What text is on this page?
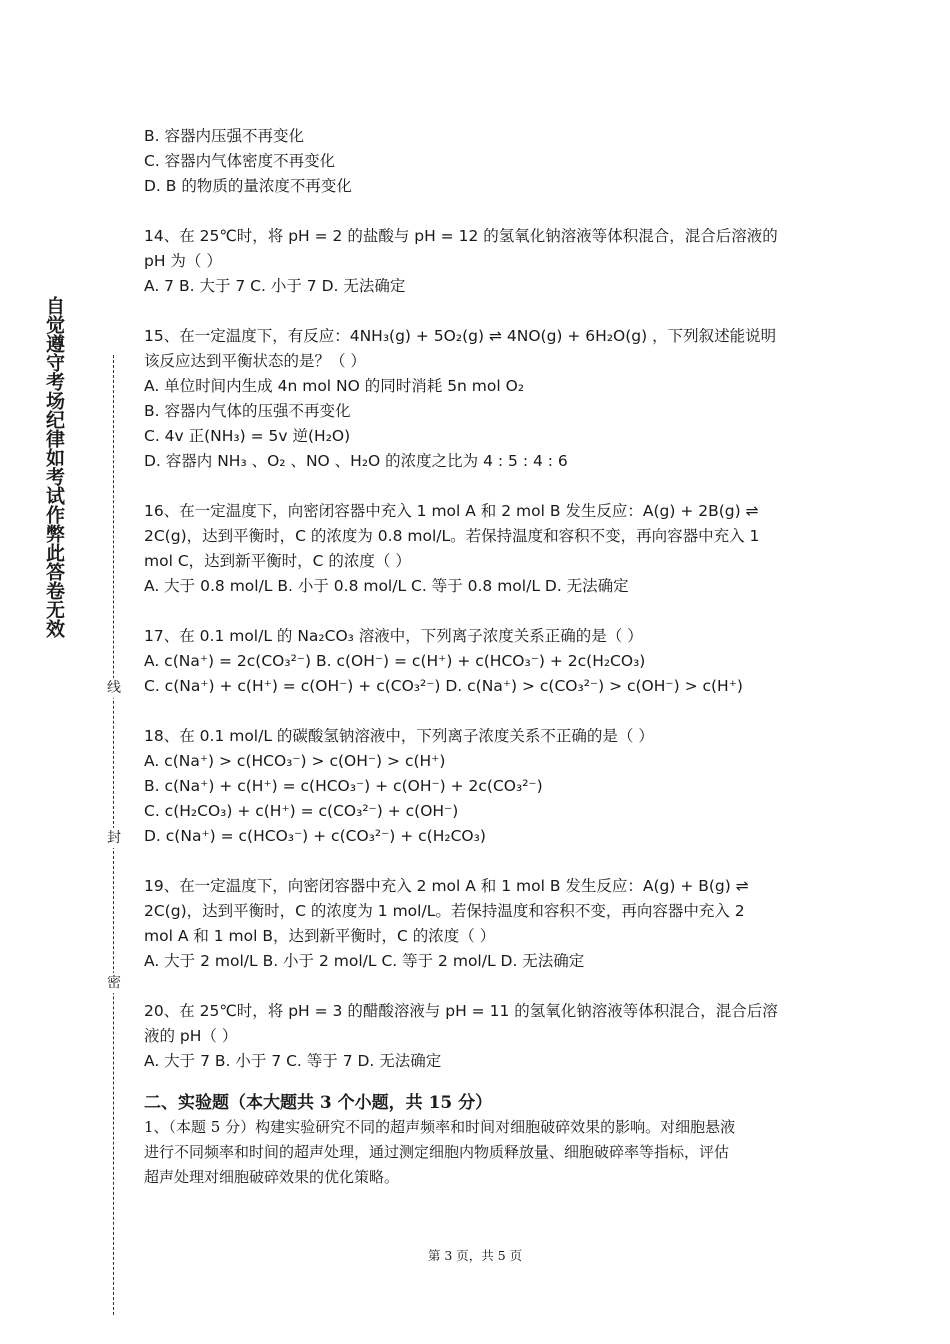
自觉遵守考场纪律如考试作弊此答卷无效
线
封
密
B. 容器内压强不再变化
C. 容器内气体密度不再变化
D. B 的物质的量浓度不再变化
14、在 25℃时，将 pH = 2 的盐酸与 pH = 12 的氢氧化钠溶液等体积混合，混合后溶液的
pH 为（ ）
A. 7 B. 大于 7 C. 小于 7 D. 无法确定
15、在一定温度下，有反应：4NH₃(g) + 5O₂(g) ⇌ 4NO(g) + 6H₂O(g) ，下列叙述能说明
该反应达到平衡状态的是？（ ）
A. 单位时间内生成 4n mol NO 的同时消耗 5n mol O₂
B. 容器内气体的压强不再变化
C. 4v 正(NH₃) = 5v 逆(H₂O)
D. 容器内 NH₃ 、O₂ 、NO 、H₂O 的浓度之比为 4 : 5 : 4 : 6
16、在一定温度下，向密闭容器中充入 1 mol A 和 2 mol B 发生反应：A(g) + 2B(g) ⇌
2C(g)，达到平衡时，C 的浓度为 0.8 mol/L。若保持温度和容积不变，再向容器中充入 1
mol C，达到新平衡时，C 的浓度（ ）
A. 大于 0.8 mol/L B. 小于 0.8 mol/L C. 等于 0.8 mol/L D. 无法确定
17、在 0.1 mol/L 的 Na₂CO₃ 溶液中，下列离子浓度关系正确的是（ ）
A. c(Na⁺) = 2c(CO₃²⁻) B. c(OH⁻) = c(H⁺) + c(HCO₃⁻) + 2c(H₂CO₃)
C. c(Na⁺) + c(H⁺) = c(OH⁻) + c(CO₃²⁻) D. c(Na⁺) > c(CO₃²⁻) > c(OH⁻) > c(H⁺)
18、在 0.1 mol/L 的碳酸氢钠溶液中，下列离子浓度关系不正确的是（ ）
A. c(Na⁺) > c(HCO₃⁻) > c(OH⁻) > c(H⁺)
B. c(Na⁺) + c(H⁺) = c(HCO₃⁻) + c(OH⁻) + 2c(CO₃²⁻)
C. c(H₂CO₃) + c(H⁺) = c(CO₃²⁻) + c(OH⁻)
D. c(Na⁺) = c(HCO₃⁻) + c(CO₃²⁻) + c(H₂CO₃)
19、在一定温度下，向密闭容器中充入 2 mol A 和 1 mol B 发生反应：A(g) + B(g) ⇌
2C(g)，达到平衡时，C 的浓度为 1 mol/L。若保持温度和容积不变，再向容器中充入 2
mol A 和 1 mol B，达到新平衡时，C 的浓度（ ）
A. 大于 2 mol/L B. 小于 2 mol/L C. 等于 2 mol/L D. 无法确定
20、在 25℃时，将 pH = 3 的醋酸溶液与 pH = 11 的氢氧化钠溶液等体积混合，混合后溶
液的 pH（ ）
A. 大于 7 B. 小于 7 C. 等于 7 D. 无法确定
二、实验题（本大题共 3 个小题，共 15 分）
1、（本题 5 分）构建实验研究不同的超声频率和时间对细胞破碎效果的影响。对细胞悬液
进行不同频率和时间的超声处理，通过测定细胞内物质释放量、细胞破碎率等指标，评估
超声处理对细胞破碎效果的优化策略。
第 3 页，共 5 页
